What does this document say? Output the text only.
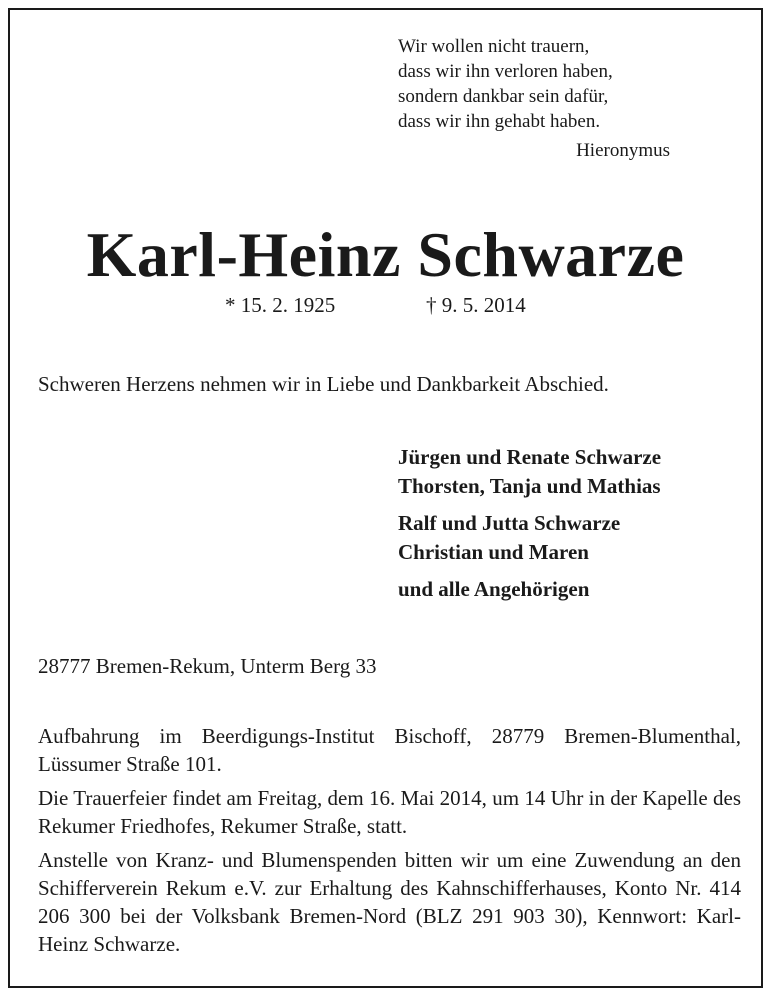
Wir wollen nicht trauern,
dass wir ihn verloren haben,
sondern dankbar sein dafür,
dass wir ihn gehabt haben.
Hieronymus
Karl-Heinz Schwarze
* 15. 2. 1925	† 9. 5. 2014
Schweren Herzens nehmen wir in Liebe und Dankbarkeit Abschied.
Jürgen und Renate Schwarze
Thorsten, Tanja und Mathias
Ralf und Jutta Schwarze
Christian und Maren
und alle Angehörigen
28777 Bremen-Rekum, Unterm Berg 33

Aufbahrung im Beerdigungs-Institut Bischoff, 28779 Bremen-Blumenthal, Lüssumer Straße 101.

Die Trauerfeier findet am Freitag, dem 16. Mai 2014, um 14 Uhr in der Kapelle des Rekumer Friedhofes, Rekumer Straße, statt.

Anstelle von Kranz- und Blumenspenden bitten wir um eine Zuwendung an den Schifferverein Rekum e.V. zur Erhaltung des Kahnschifferhauses, Konto Nr. 414 206 300 bei der Volksbank Bremen-Nord (BLZ 291 903 30), Kennwort: Karl-Heinz Schwarze.
